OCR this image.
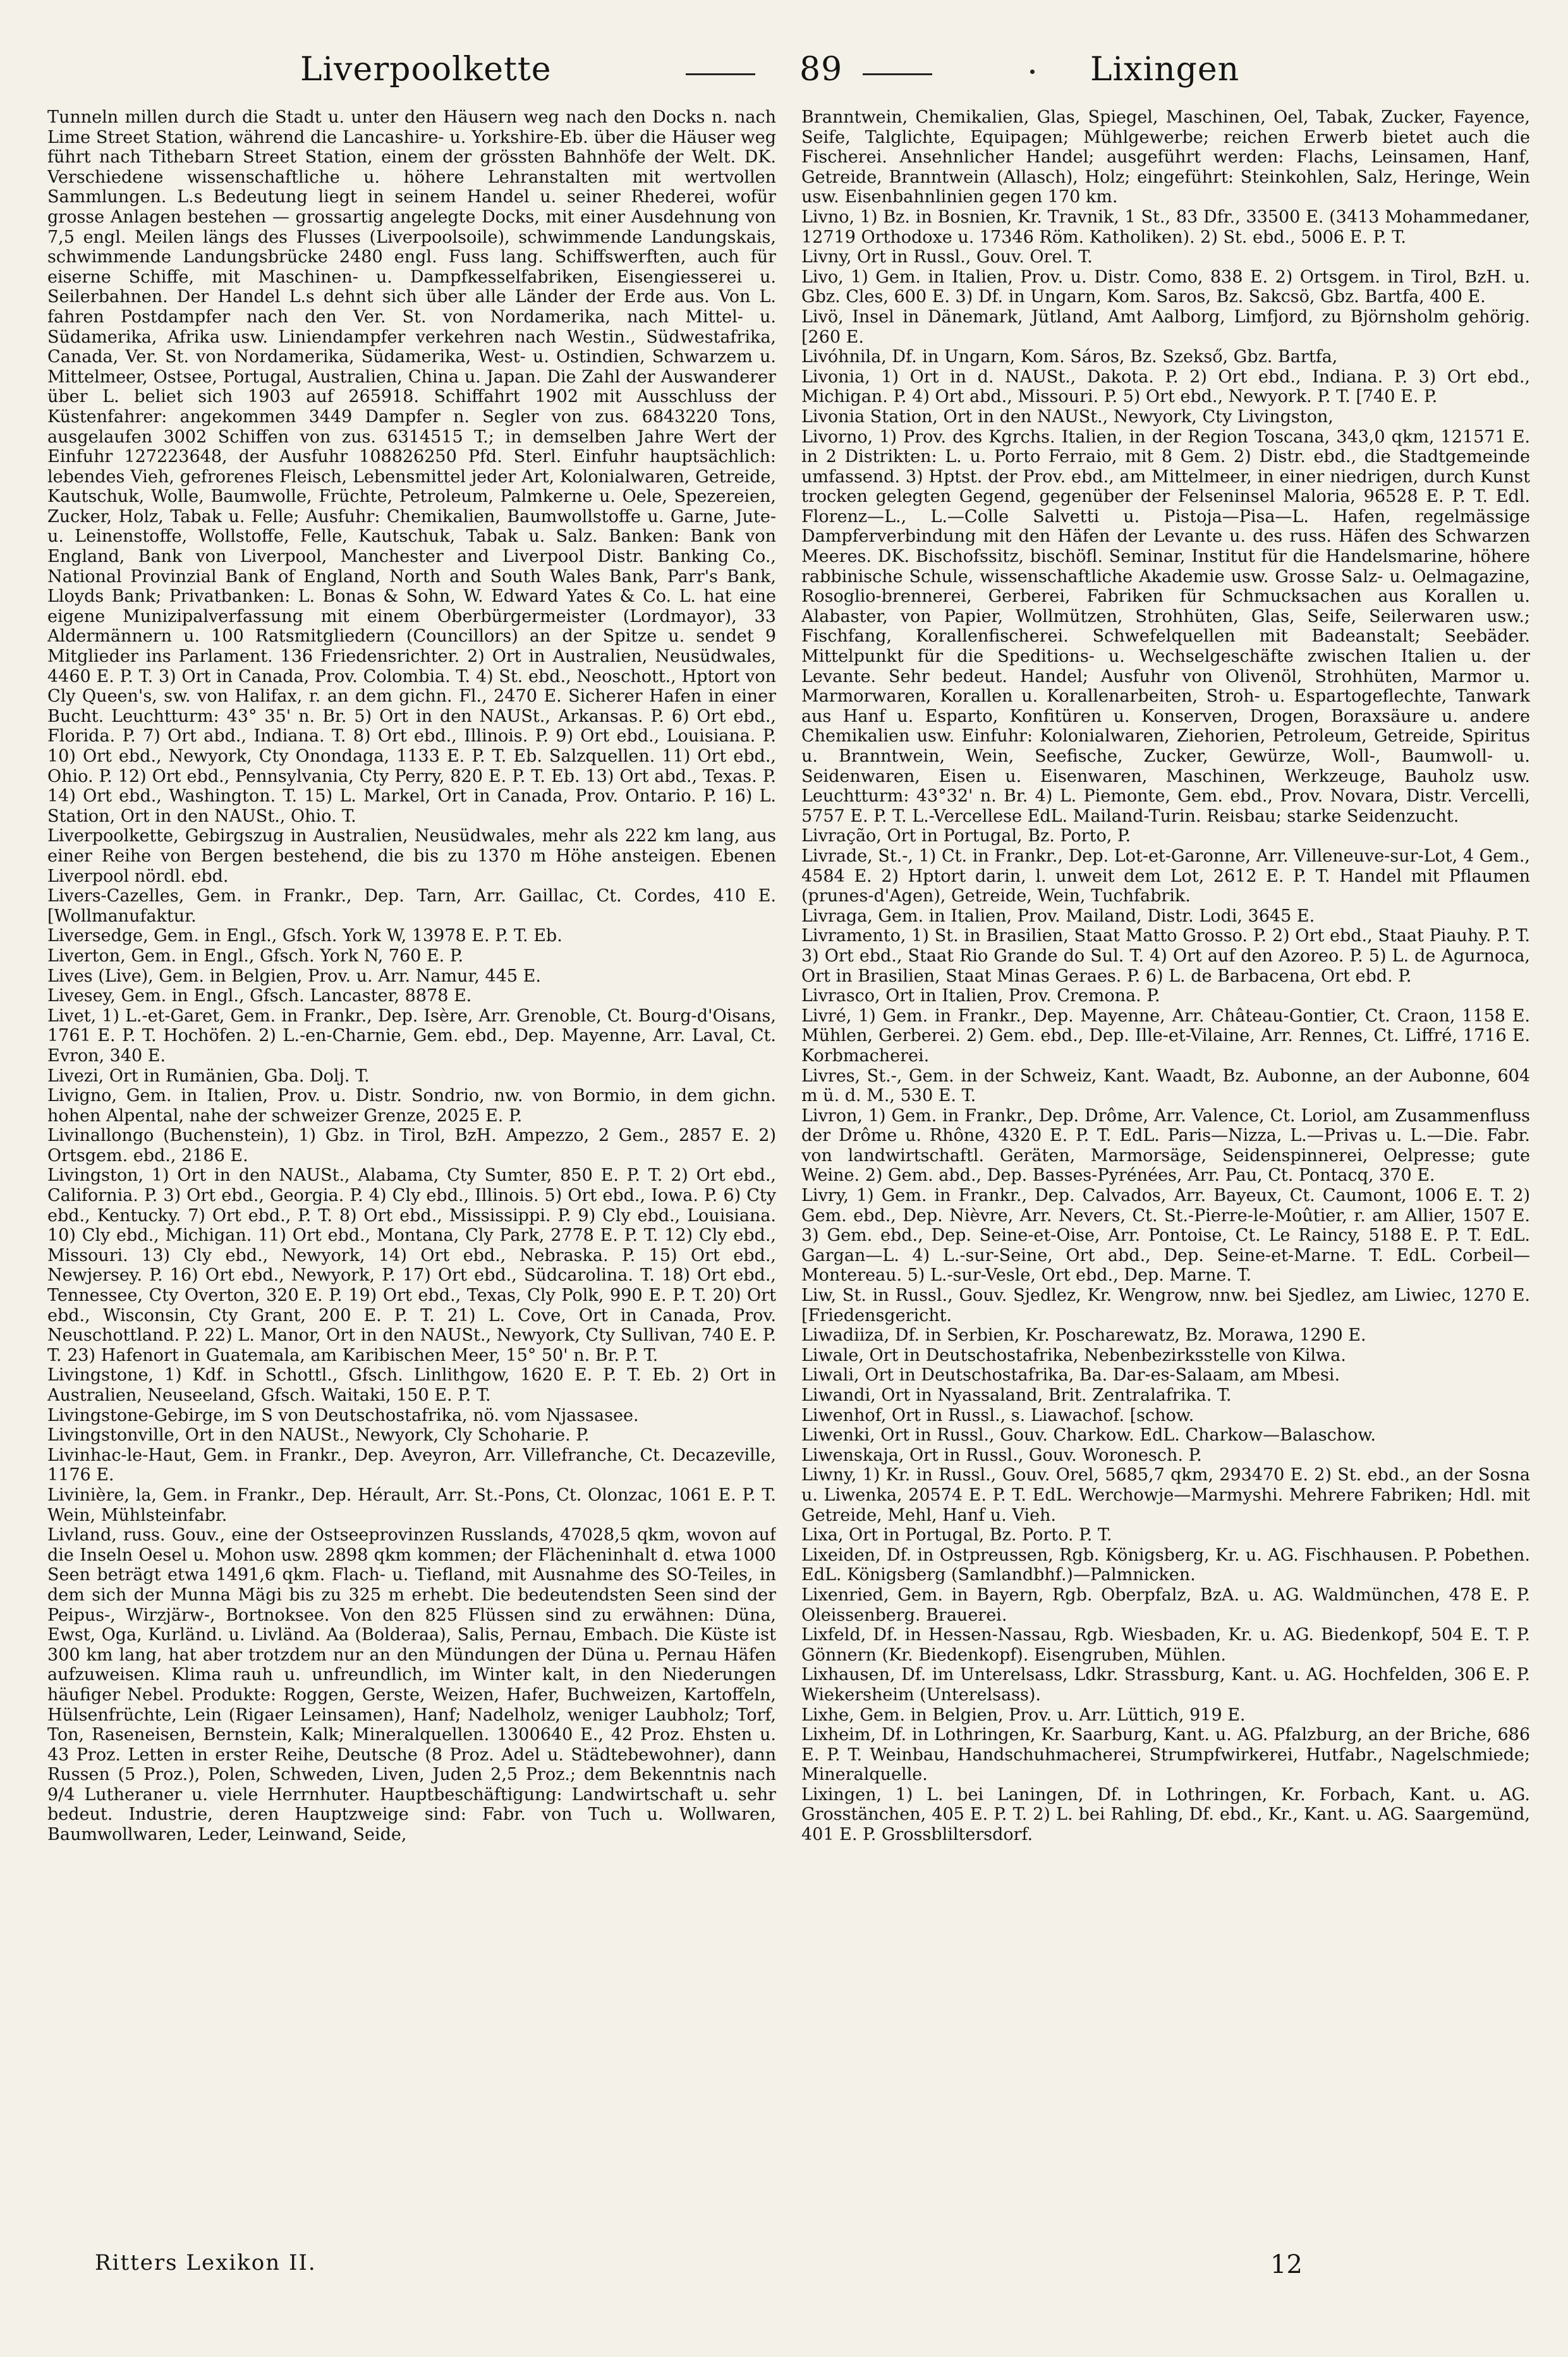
Liverpoolkette	89	Lixingen

Tunneln millen durch die Stadt u. unter den Häusern weg nach den Docks n. nach Lime Street Station, während die Lancashire- u. Yorkshire-Eb. über die Häuser weg führt nach Tithebarn Street Station, einem der grössten Bahnhöfe der Welt. DK. Verschiedene wissenschaftliche u. höhere Lehranstalten mit wertvollen Sammlungen. L.s Bedeutung liegt in seinem Handel u. seiner Rhederei, wofür grosse Anlagen bestehen — grossartig angelegte Docks, mit einer Ausdehnung von 7,5 engl. Meilen längs des Flusses (Liverpoolsoile), schwimmende Landungskais, schwimmende Landungsbrücke 2480 engl. Fuss lang. Schiffswerften, auch für eiserne Schiffe, mit Maschinen- u. Dampfkesselfabriken, Eisengiesserei u. Seilerbahnen. Der Handel L.s dehnt sich über alle Länder der Erde aus. Von L. fahren Postdampfer nach den Ver. St. von Nordamerika, nach Mittel- u. Südamerika, Afrika usw. Liniendampfer verkehren nach Westin., Südwestafrika, Canada, Ver. St. von Nordamerika, Südamerika, West- u. Ostindien, Schwarzem u. Mittelmeer, Ostsee, Portugal, Australien, China u. Japan. Die Zahl der Auswanderer über L. beliet sich 1903 auf 265918. Schiffahrt 1902 mit Ausschluss der Küstenfahrer: angekommen 3449 Dampfer n. Segler von zus. 6843220 Tons, ausgelaufen 3002 Schiffen von zus. 6314515 T.; in demselben Jahre Wert der Einfuhr 127223648, der Ausfuhr 108826250 Pfd. Sterl. Einfuhr hauptsächlich: lebendes Vieh, gefrorenes Fleisch, Lebensmittel jeder Art, Kolonialwaren, Getreide, Kautschuk, Wolle, Baumwolle, Früchte, Petroleum, Palmkerne u. Oele, Spezereien, Zucker, Holz, Tabak u. Felle; Ausfuhr: Chemikalien, Baumwollstoffe u. Garne, Jute- u. Leinenstoffe, Wollstoffe, Felle, Kautschuk, Tabak u. Salz. Banken: Bank von England, Bank von Liverpool, Manchester and Liverpool Distr. Banking Co., National Provinzial Bank of England, North and South Wales Bank, Parr's Bank, Lloyds Bank; Privatbanken: L. Bonas & Sohn, W. Edward Yates & Co. L. hat eine eigene Munizipalverfassung mit einem Oberbürgermeister (Lordmayor), 33 Aldermännern u. 100 Ratsmitgliedern (Councillors) an der Spitze u. sendet 9 Mitglieder ins Parlament. 136 Friedensrichter. 2) Ort in Australien, Neusüdwales, 4460 E. P. T. 3) Ort in Canada, Prov. Colombia. T. 4) St. ebd., Neoschott., Hptort von Cly Queen's, sw. von Halifax, r. an dem gichn. Fl., 2470 E. Sicherer Hafen in einer Bucht. Leuchtturm: 43° 35' n. Br. 5) Ort in den NAUSt., Arkansas. P. 6) Ort ebd., Florida. P. 7) Ort abd., Indiana. T. 8) Ort ebd., Illinois. P. 9) Ort ebd., Louisiana. P. 10) Ort ebd., Newyork, Cty Onondaga, 1133 E. P. T. Eb. Salzquellen. 11) Ort ebd., Ohio. P. 12) Ort ebd., Pennsylvania, Cty Perry, 820 E. P. T. Eb. 13) Ort abd., Texas. P. 14) Ort ebd., Washington. T. 15) L. Markel, Ort in Canada, Prov. Ontario. P. 16) L. Station, Ort in den NAUSt., Ohio. T.

Liverpoolkette, Gebirgszug in Australien, Neusüdwales, mehr als 222 km lang, aus einer Reihe von Bergen bestehend, die bis zu 1370 m Höhe ansteigen. Ebenen Liverpool nördl. ebd.

Livers-Cazelles, Gem. in Frankr., Dep. Tarn, Arr. Gaillac, Ct. Cordes, 410 E. [Wollmanufaktur.

Liversedge, Gem. in Engl., Gfsch. York W, 13978 E. P. T. Eb.

Liverton, Gem. in Engl., Gfsch. York N, 760 E. P.

Lives (Live), Gem. in Belgien, Prov. u. Arr. Namur, 445 E.

Livesey, Gem. in Engl., Gfsch. Lancaster, 8878 E.

Livet, 1) L.-et-Garet, Gem. in Frankr., Dep. Isère, Arr. Grenoble, Ct. Bourg-d'Oisans, 1761 E. P. T. Hochöfen. 2) L.-en-Charnie, Gem. ebd., Dep. Mayenne, Arr. Laval, Ct. Evron, 340 E.

Livezi, Ort in Rumänien, Gba. Dolj. T.

Livigno, Gem. in Italien, Prov. u. Distr. Sondrio, nw. von Bormio, in dem gichn. hohen Alpental, nahe der schweizer Grenze, 2025 E. P.

Livinallongo (Buchenstein), 1) Gbz. in Tirol, BzH. Ampezzo, 2 Gem., 2857 E. 2) Ortsgem. ebd., 2186 E.

Livingston, 1) Ort in den NAUSt., Alabama, Cty Sumter, 850 E. P. T. 2) Ort ebd., California. P. 3) Ort ebd., Georgia. P. 4) Cly ebd., Illinois. 5) Ort ebd., Iowa. P. 6) Cty ebd., Kentucky. 7) Ort ebd., P. T. 8) Ort ebd., Mississippi. P. 9) Cly ebd., Louisiana. 10) Cly ebd., Michigan. 11) Ort ebd., Montana, Cly Park, 2778 E. P. T. 12) Cly ebd., Missouri. 13) Cly ebd., Newyork, 14) Ort ebd., Nebraska. P. 15) Ort ebd., Newjersey. P. 16) Ort ebd., Newyork, P. 17) Ort ebd., Südcarolina. T. 18) Ort ebd., Tennessee, Cty Overton, 320 E. P. 19) Ort ebd., Texas, Cly Polk, 990 E. P. T. 20) Ort ebd., Wisconsin, Cty Grant, 200 E. P. T. 21) L. Cove, Ort in Canada, Prov. Neuschottland. P. 22) L. Manor, Ort in den NAUSt., Newyork, Cty Sullivan, 740 E. P. T. 23) Hafenort in Guatemala, am Karibischen Meer, 15° 50' n. Br. P. T.

Livingstone, 1) Kdf. in Schottl., Gfsch. Linlithgow, 1620 E. P. T. Eb. 2) Ort in Australien, Neuseeland, Gfsch. Waitaki, 150 E. P. T.

Livingstone-Gebirge, im S von Deutschostafrika, nö. vom Njassasee.

Livingstonville, Ort in den NAUSt., Newyork, Cly Schoharie. P.

Livinhac-le-Haut, Gem. in Frankr., Dep. Aveyron, Arr. Villefranche, Ct. Decazeville, 1176 E.

Livinière, la, Gem. in Frankr., Dep. Hérault, Arr. St.-Pons, Ct. Olonzac, 1061 E. P. T. Wein, Mühlsteinfabr.

Livland, russ. Gouv., eine der Ostseeprovinzen Russlands, 47028,5 qkm, wovon auf die Inseln Oesel u. Mohon usw. 2898 qkm kommen; der Flächeninhalt d. etwa 1000 Seen beträgt etwa 1491,6 qkm. Flach- u. Tiefland, mit Ausnahme des SO-Teiles, in dem sich der Munna Mägi bis zu 325 m erhebt. Die bedeutendsten Seen sind der Peipus-, Wirzjärw-, Bortnoksee. Von den 825 Flüssen sind zu erwähnen: Düna, Ewst, Oga, Kurländ. u. Livländ. Aa (Bolderaa), Salis, Pernau, Embach. Die Küste ist 300 km lang, hat aber trotzdem nur an den Mündungen der Düna u. Pernau Häfen aufzuweisen. Klima rauh u. unfreundlich, im Winter kalt, in den Niederungen häufiger Nebel. Produkte: Roggen, Gerste, Weizen, Hafer, Buchweizen, Kartoffeln, Hülsenfrüchte, Lein (Rigaer Leinsamen), Hanf; Nadelholz, weniger Laubholz; Torf, Ton, Raseneisen, Bernstein, Kalk; Mineralquellen. 1300640 E., 42 Proz. Ehsten u. 43 Proz. Letten in erster Reihe, Deutsche (8 Proz. Adel u. Städtebewohner), dann Russen (5 Proz.), Polen, Schweden, Liven, Juden 2,5 Proz.; dem Bekenntnis nach 9/4 Lutheraner u. viele Herrnhuter. Hauptbeschäftigung: Landwirtschaft u. sehr bedeut. Industrie, deren Hauptzweige sind: Fabr. von Tuch u. Wollwaren, Baumwollwaren, Leder, Leinwand, Seide,

Branntwein, Chemikalien, Glas, Spiegel, Maschinen, Oel, Tabak, Zucker, Fayence, Seife, Talglichte, Equipagen; Mühlgewerbe; reichen Erwerb bietet auch die Fischerei. Ansehnlicher Handel; ausgeführt werden: Flachs, Leinsamen, Hanf, Getreide, Branntwein (Allasch), Holz; eingeführt: Steinkohlen, Salz, Heringe, Wein usw. Eisenbahnlinien gegen 170 km.

Livno, 1) Bz. in Bosnien, Kr. Travnik, 1 St., 83 Dfr., 33500 E. (3413 Mohammedaner, 12719 Orthodoxe u. 17346 Röm. Katholiken). 2) St. ebd., 5006 E. P. T.

Livny, Ort in Russl., Gouv. Orel. T.

Livo, 1) Gem. in Italien, Prov. u. Distr. Como, 838 E. 2) Ortsgem. in Tirol, BzH. u. Gbz. Cles, 600 E. 3) Df. in Ungarn, Kom. Saros, Bz. Sakcsö, Gbz. Bartfa, 400 E.

Livö, Insel in Dänemark, Jütland, Amt Aalborg, Limfjord, zu Björnsholm gehörig. [260 E.

Livóhnila, Df. in Ungarn, Kom. Sáros, Bz. Szekső, Gbz. Bartfa,

Livonia, 1) Ort in d. NAUSt., Dakota. P. 2) Ort ebd., Indiana. P. 3) Ort ebd., Michigan. P. 4) Ort abd., Missouri. P. 5) Ort ebd., Newyork. P. T. [740 E. P.

Livonia Station, Ort in den NAUSt., Newyork, Cty Livingston,

Livorno, 1) Prov. des Kgrchs. Italien, in der Region Toscana, 343,0 qkm, 121571 E. in 2 Distrikten: L. u. Porto Ferraio, mit 8 Gem. 2) Distr. ebd., die Stadtgemeinde umfassend. 3) Hptst. der Prov. ebd., am Mittelmeer, in einer niedrigen, durch Kunst trocken gelegten Gegend, gegenüber der Felseninsel Maloria, 96528 E. P. T. Edl. Florenz—L., L.—Colle Salvetti u. Pistoja—Pisa—L. Hafen, regelmässige Dampferverbindung mit den Häfen der Levante u. des russ. Häfen des Schwarzen Meeres. DK. Bischofssitz, bischöfl. Seminar, Institut für die Handelsmarine, höhere rabbinische Schule, wissenschaftliche Akademie usw. Grosse Salz- u. Oelmagazine, Rosoglio-brennerei, Gerberei, Fabriken für Schmucksachen aus Korallen u. Alabaster, von Papier, Wollmützen, Strohhüten, Glas, Seife, Seilerwaren usw.; Fischfang, Korallenfischerei. Schwefelquellen mit Badeanstalt; Seebäder. Mittelpunkt für die Speditions- u. Wechselgeschäfte zwischen Italien u. der Levante. Sehr bedeut. Handel; Ausfuhr von Olivenöl, Strohhüten, Marmor u. Marmorwaren, Korallen u. Korallenarbeiten, Stroh- u. Espartogeflechte, Tanwark aus Hanf u. Esparto, Konfitüren u. Konserven, Drogen, Boraxsäure u. andere Chemikalien usw. Einfuhr: Kolonialwaren, Ziehorien, Petroleum, Getreide, Spiritus u. Branntwein, Wein, Seefische, Zucker, Gewürze, Woll-, Baumwoll- u. Seidenwaren, Eisen u. Eisenwaren, Maschinen, Werkzeuge, Bauholz usw. Leuchtturm: 43°32' n. Br. 4) L. Piemonte, Gem. ebd., Prov. Novara, Distr. Vercelli, 5757 E. P. T. L.-Vercellese EdL. Mailand-Turin. Reisbau; starke Seidenzucht.

Livração, Ort in Portugal, Bz. Porto, P.

Livrade, St.-, 1) Ct. in Frankr., Dep. Lot-et-Garonne, Arr. Villeneuve-sur-Lot, 4 Gem., 4584 E. 2) Hptort darin, l. unweit dem Lot, 2612 E. P. T. Handel mit Pflaumen (prunes-d'Agen), Getreide, Wein, Tuchfabrik.

Livraga, Gem. in Italien, Prov. Mailand, Distr. Lodi, 3645 E.

Livramento, 1) St. in Brasilien, Staat Matto Grosso. P. 2) Ort ebd., Staat Piauhy. P. T. 3) Ort ebd., Staat Rio Grande do Sul. T. 4) Ort auf den Azoreo. P. 5) L. de Agurnoca, Ort in Brasilien, Staat Minas Geraes. P. 6) L. de Barbacena, Ort ebd. P.

Livrasco, Ort in Italien, Prov. Cremona. P.

Livré, 1) Gem. in Frankr., Dep. Mayenne, Arr. Château-Gontier, Ct. Craon, 1158 E. Mühlen, Gerberei. 2) Gem. ebd., Dep. Ille-et-Vilaine, Arr. Rennes, Ct. Liffré, 1716 E. Korbmacherei.

Livres, St.-, Gem. in der Schweiz, Kant. Waadt, Bz. Aubonne, an der Aubonne, 604 m ü. d. M., 530 E. T.

Livron, 1) Gem. in Frankr., Dep. Drôme, Arr. Valence, Ct. Loriol, am Zusammenfluss der Drôme u. Rhône, 4320 E. P. T. EdL. Paris—Nizza, L.—Privas u. L.—Die. Fabr. von landwirtschaftl. Geräten, Marmorsäge, Seidenspinnerei, Oelpresse; gute Weine. 2) Gem. abd., Dep. Basses-Pyrénées, Arr. Pau, Ct. Pontacq, 370 E.

Livry, 1) Gem. in Frankr., Dep. Calvados, Arr. Bayeux, Ct. Caumont, 1006 E. T. 2) Gem. ebd., Dep. Nièvre, Arr. Nevers, Ct. St.-Pierre-le-Moûtier, r. am Allier, 1507 E. 3) Gem. ebd., Dep. Seine-et-Oise, Arr. Pontoise, Ct. Le Raincy, 5188 E. P. T. EdL. Gargan—L. 4) L.-sur-Seine, Ort abd., Dep. Seine-et-Marne. T. EdL. Corbeil—Montereau. 5) L.-sur-Vesle, Ort ebd., Dep. Marne. T.

Liw, St. in Russl., Gouv. Sjedlez, Kr. Wengrow, nnw. bei Sjedlez, am Liwiec, 1270 E. [Friedensgericht.

Liwadiiza, Df. in Serbien, Kr. Poscharewatz, Bz. Morawa, 1290 E.

Liwale, Ort in Deutschostafrika, Nebenbezirksstelle von Kilwa.

Liwali, Ort in Deutschostafrika, Ba. Dar-es-Salaam, am Mbesi.

Liwandi, Ort in Nyassaland, Brit. Zentralafrika. T.

Liwenhof, Ort in Russl., s. Liawachof. [schow.

Liwenki, Ort in Russl., Gouv. Charkow. EdL. Charkow—Balaschow.

Liwenskaja, Ort in Russl., Gouv. Woronesch. P.

Liwny, 1) Kr. in Russl., Gouv. Orel, 5685,7 qkm, 293470 E. 2) St. ebd., an der Sosna u. Liwenka, 20574 E. P. T. EdL. Werchowje—Marmyshi. Mehrere Fabriken; Hdl. mit Getreide, Mehl, Hanf u. Vieh.

Lixa, Ort in Portugal, Bz. Porto. P. T.

Lixeiden, Df. in Ostpreussen, Rgb. Königsberg, Kr. u. AG. Fischhausen. P. Pobethen. EdL. Königsberg (Samlandbhf.)—Palmnicken.

Lixenried, Gem. in Bayern, Rgb. Oberpfalz, BzA. u. AG. Waldmünchen, 478 E. P. Oleissenberg. Brauerei.

Lixfeld, Df. in Hessen-Nassau, Rgb. Wiesbaden, Kr. u. AG. Biedenkopf, 504 E. T. P. Gönnern (Kr. Biedenkopf). Eisengruben, Mühlen.

Lixhausen, Df. im Unterelsass, Ldkr. Strassburg, Kant. u. AG. Hochfelden, 306 E. P. Wiekersheim (Unterelsass).

Lixhe, Gem. in Belgien, Prov. u. Arr. Lüttich, 919 E.

Lixheim, Df. in Lothringen, Kr. Saarburg, Kant. u. AG. Pfalzburg, an der Briche, 686 E. P. T. Weinbau, Handschuhmacherei, Strumpfwirkerei, Hutfabr., Nagelschmiede; Mineralquelle.

Lixingen, 1) L. bei Laningen, Df. in Lothringen, Kr. Forbach, Kant. u. AG. Grosstänchen, 405 E. P. T. 2) L. bei Rahling, Df. ebd., Kr., Kant. u. AG. Saargemünd, 401 E. P. Grossbliltersdorf.

Ritters Lexikon II.	12
